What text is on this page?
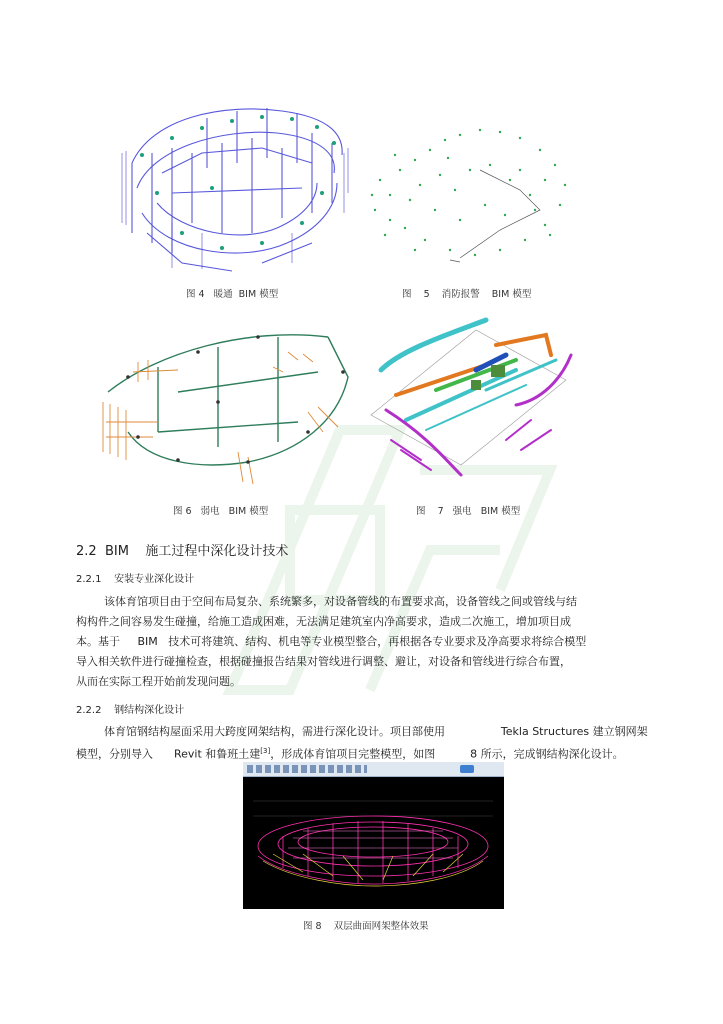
图 4   暖通  BIM 模型	图    5    消防报警    BIM 模型
图 6   弱电   BIM 模型	图    7   强电   BIM 模型
2.2  BIM    施工过程中深化设计技术
2.2.1    安装专业深化设计
该体育馆项目由于空间布局复杂、系统繁多，对设备管线的布置要求高，设备管线之间或管线与结
构构件之间容易发生碰撞，给施工造成困难，无法满足建筑室内净高要求，造成二次施工，增加项目成
本。基于     BIM   技术可将建筑、结构、机电等专业模型整合，再根据各专业要求及净高要求将综合模型
导入相关软件进行碰撞检查，根据碰撞报告结果对管线进行调整、避让，对设备和管线进行综合布置，
从而在实际工程开始前发现问题。
2.2.2    钢结构深化设计
体育馆钢结构屋面采用大跨度网架结构，需进行深化设计。项目部使用                Tekla Structures 建立钢网架
模型，分别导入      Revit 和鲁班土建[3]，形成体育馆项目完整模型，如图          8 所示，完成钢结构深化设计。
图 8    双层曲面网架整体效果
